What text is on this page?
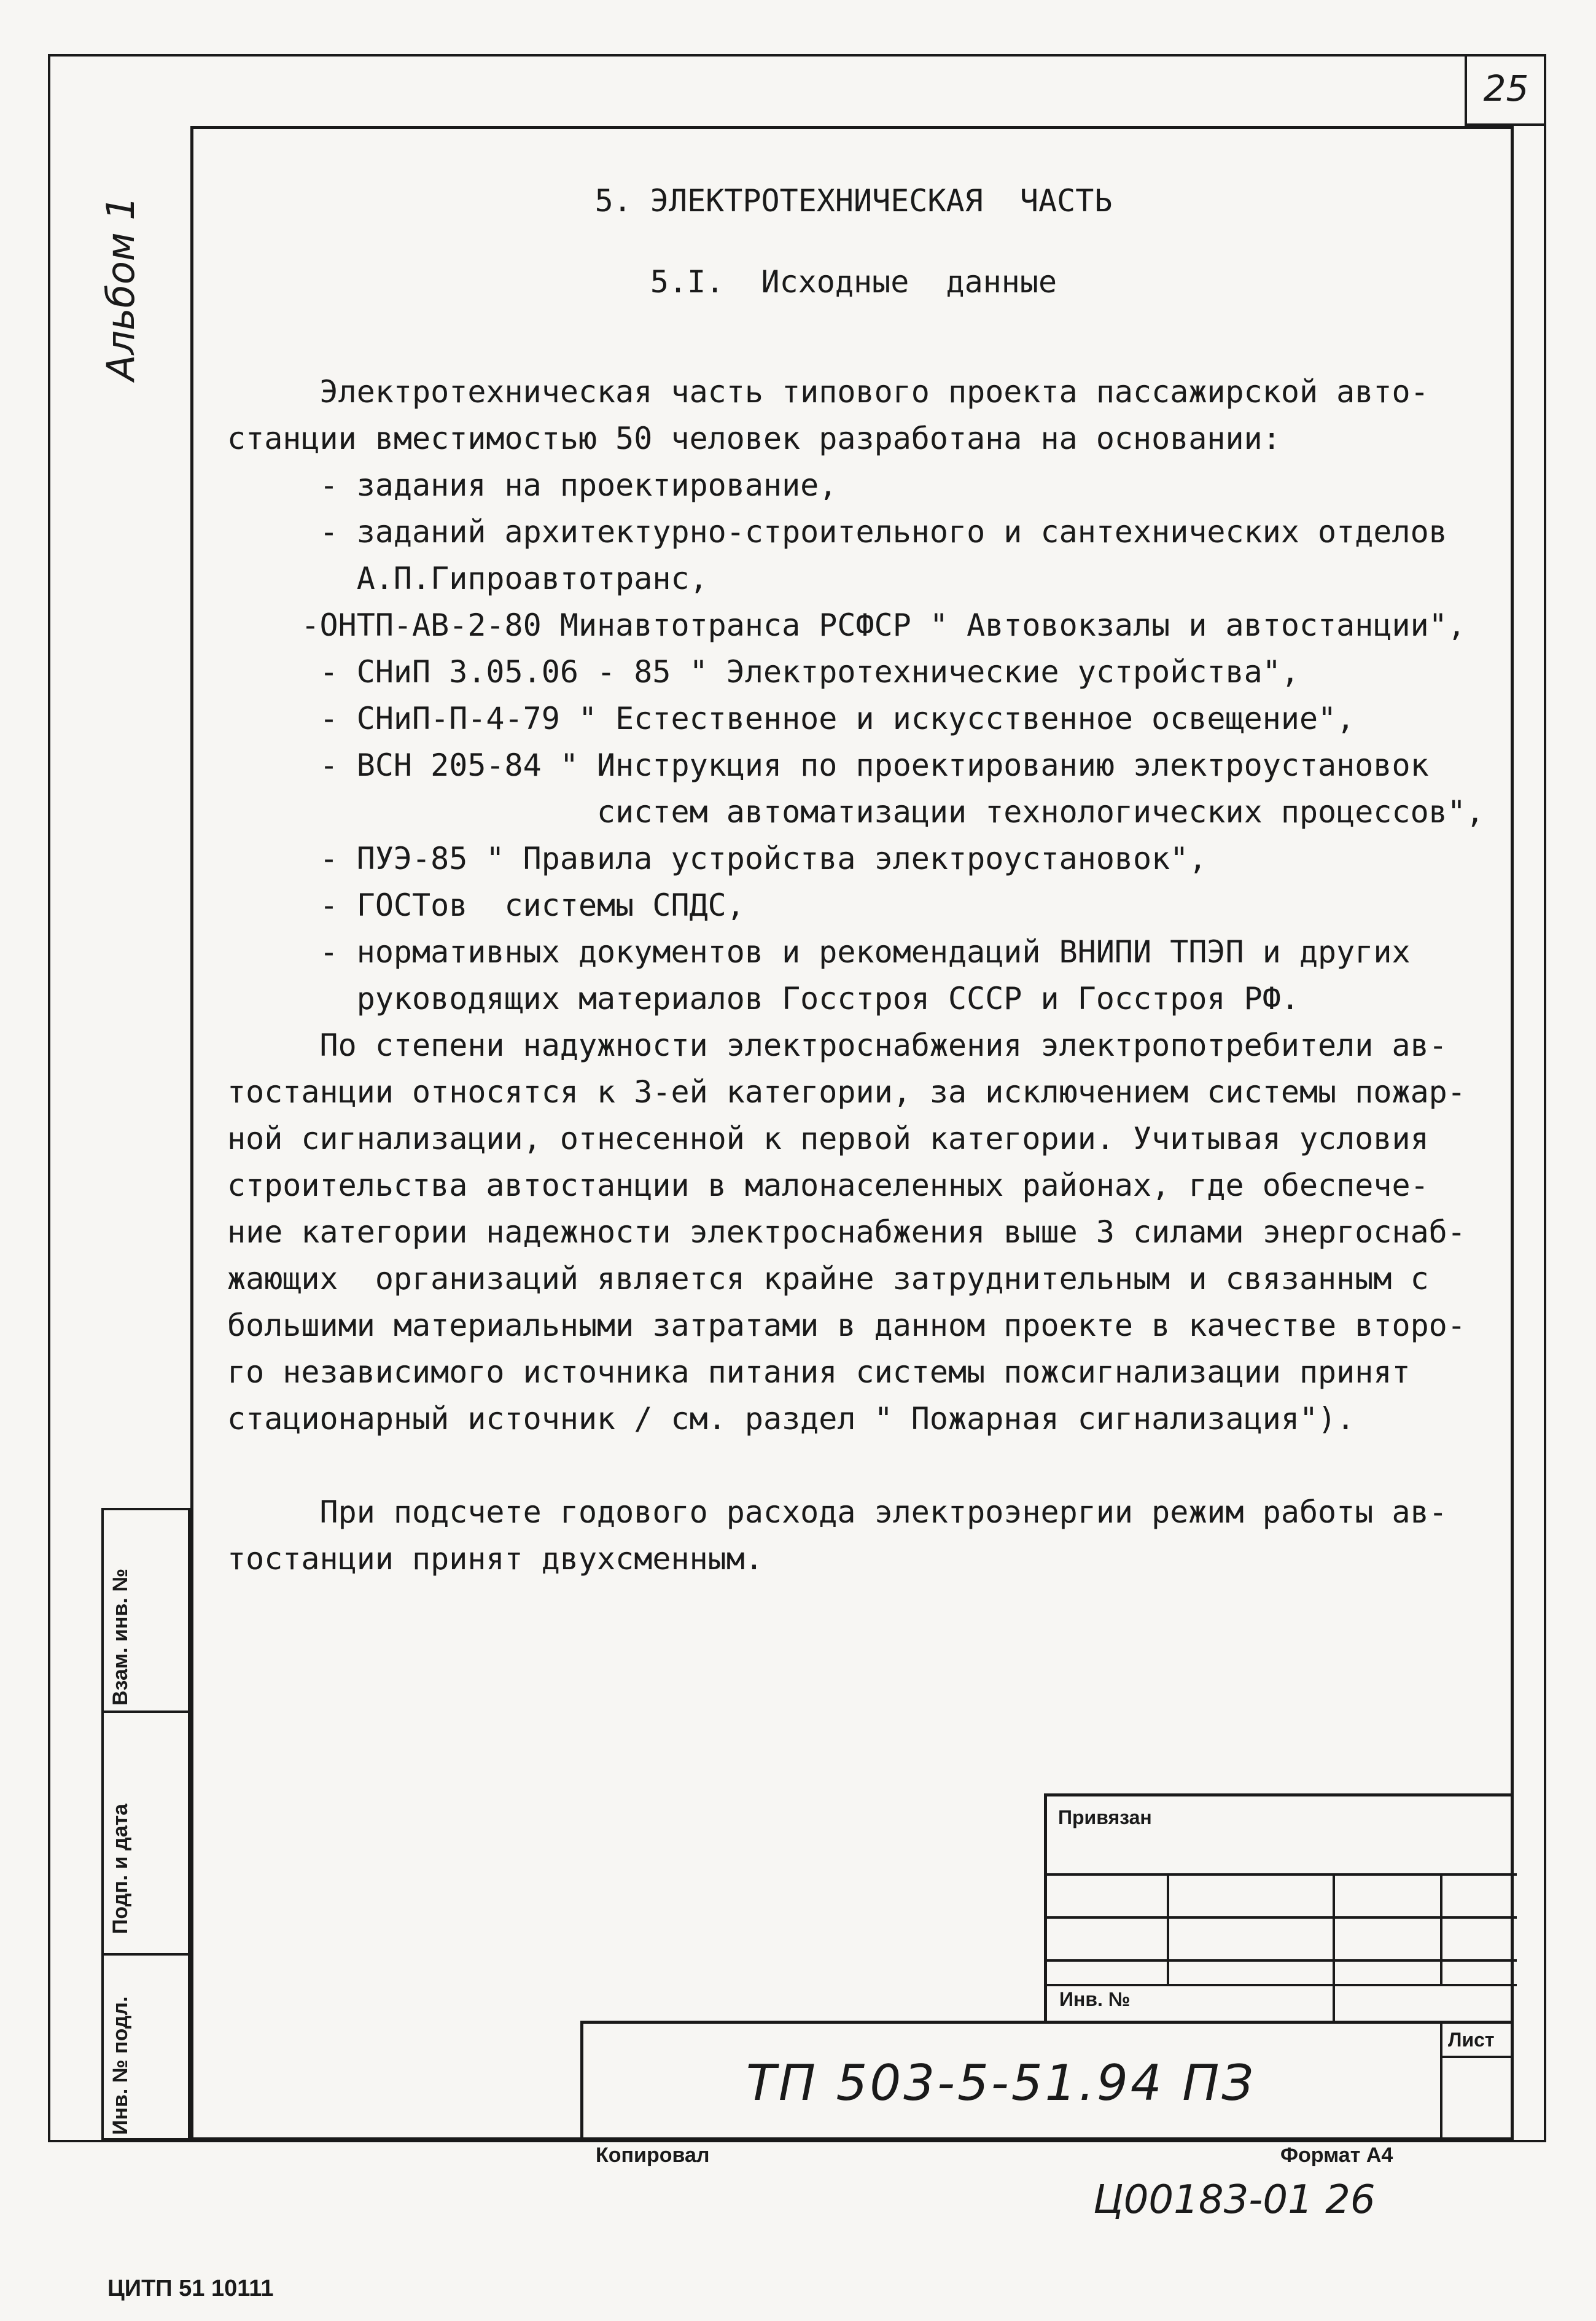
25
Альбом 1	5. ЭЛЕКТРОТЕХНИЧЕСКАЯ  ЧАСТЬ
5.I.  Исходные  данные
Электротехническая часть типового проекта пассажирской авто-
станции вместимостью 50 человек разработана на основании:
- задания на проектирование,
- заданий архитектурно-строительного и сантехнических отделов
А.П.Гипроавтотранс,
-ОНТП-АВ-2-80 Минавтотранса РСФСР " Автовокзалы и автостанции",
- СНиП 3.05.06 - 85 " Электротехнические устройства",
- СНиП-П-4-79 " Естественное и искусственное освещение",
- ВСН 205-84 " Инструкция по проектированию электроустановок
систем автоматизации технологических процессов",
- ПУЭ-85 " Правила устройства электроустановок",
- ГОСТов  системы СПДС,
- нормативных документов и рекомендаций ВНИПИ ТПЭП и других
руководящих материалов Госстроя СССР и Госстроя РФ.
По степени надужности электроснабжения электропотребители ав-
тостанции относятся к 3-ей категории, за исключением системы пожар-
ной сигнализации, отнесенной к первой категории. Учитывая условия
строительства автостанции в малонаселенных районах, где обеспече-
ние категории надежности электроснабжения выше 3 силами энергоснаб-
жающих  организаций является крайне затруднительным и связанным с
большими материальными затратами в данном проекте в качестве второ-
го независимого источника питания системы пожсигнализации принят
стационарный источник / см. раздел " Пожарная сигнализация").
При подсчете годового расхода электроэнергии режим работы ав-
тостанции принят двухсменным.
Взам. инв. №
Подп. и дата
Инв. № подл.
Привязан
Инв. №
Лист
ТП 503-5-51.94 ПЗ
Копировал	Формат А4
Ц00183-01 26
ЦИТП 51 10111
